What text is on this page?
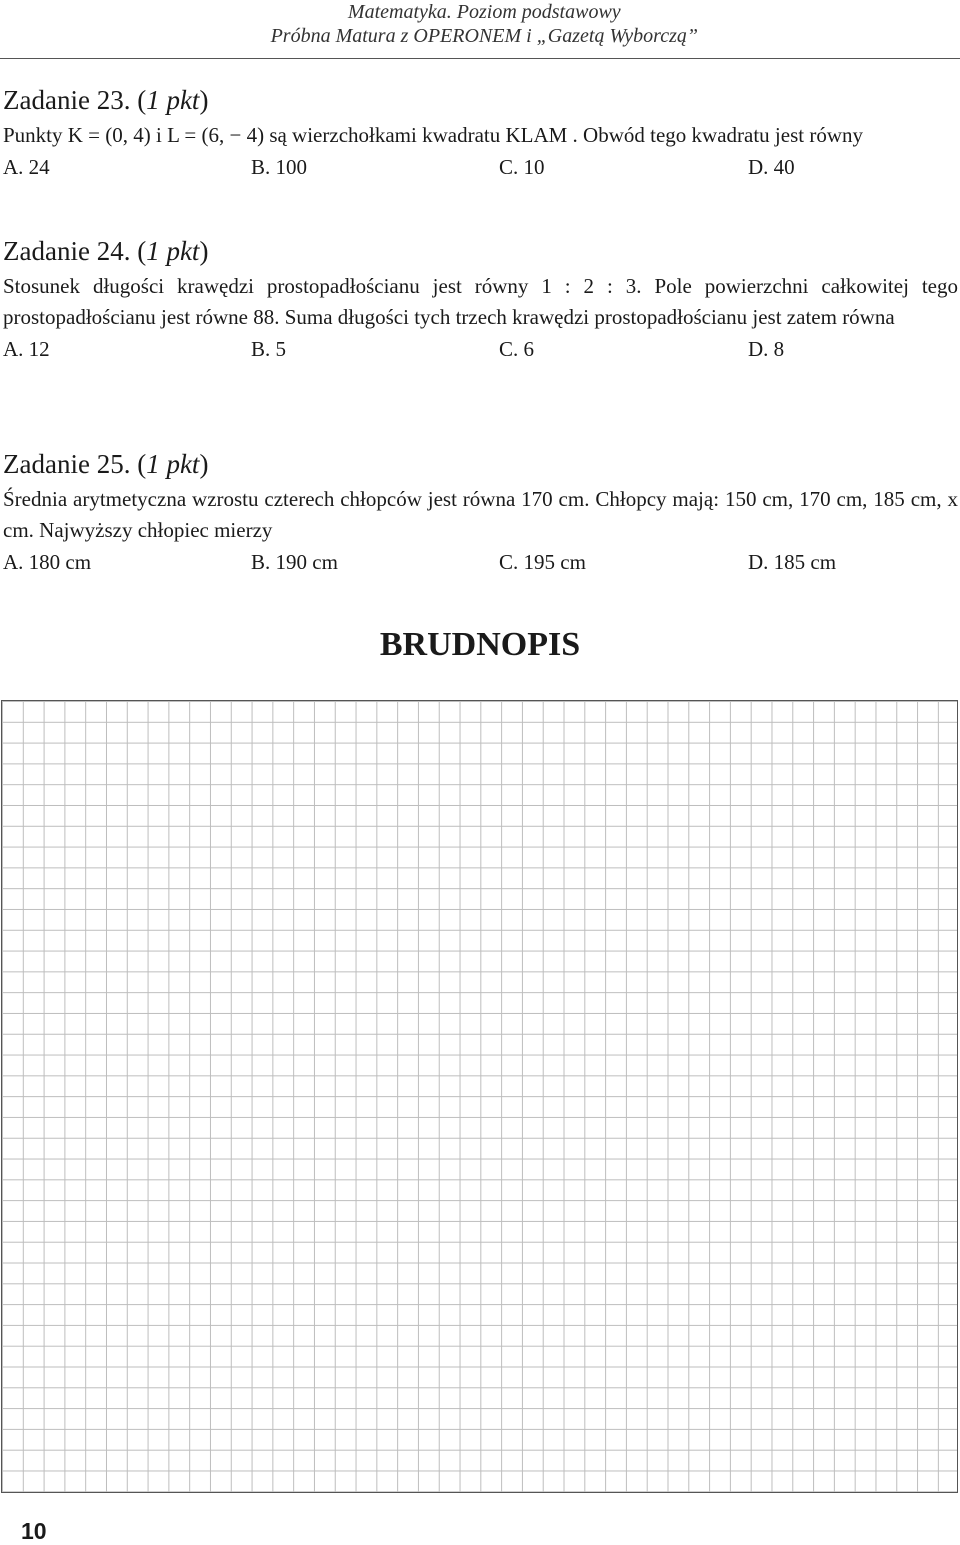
Matematyka. Poziom podstawowy
Próbna Matura z OPERONEM i „Gazetą Wyborczą”
Zadanie 23. (1 pkt)

Punkty K = (0, 4) i L = (6, − 4) są wierzchołkami kwadratu KLAM . Obwód tego kwadratu jest równy

A. 24	B. 100	C. 10	D. 40
Zadanie 24. (1 pkt)

Stosunek długości krawędzi prostopadłościanu jest równy 1 : 2 : 3. Pole powierzchni całkowitej tego prostopadłościanu jest równe 88. Suma długości tych trzech krawędzi prostopadłościanu jest zatem równa

A. 12	B. 5	C. 6	D. 8
Zadanie 25. (1 pkt)

Średnia arytmetyczna wzrostu czterech chłopców jest równa 170 cm. Chłopcy mają: 150 cm, 170 cm, 185 cm, x cm. Najwyższy chłopiec mierzy

A. 180 cm	B. 190 cm	C. 195 cm	D. 185 cm
BRUDNOPIS
10
